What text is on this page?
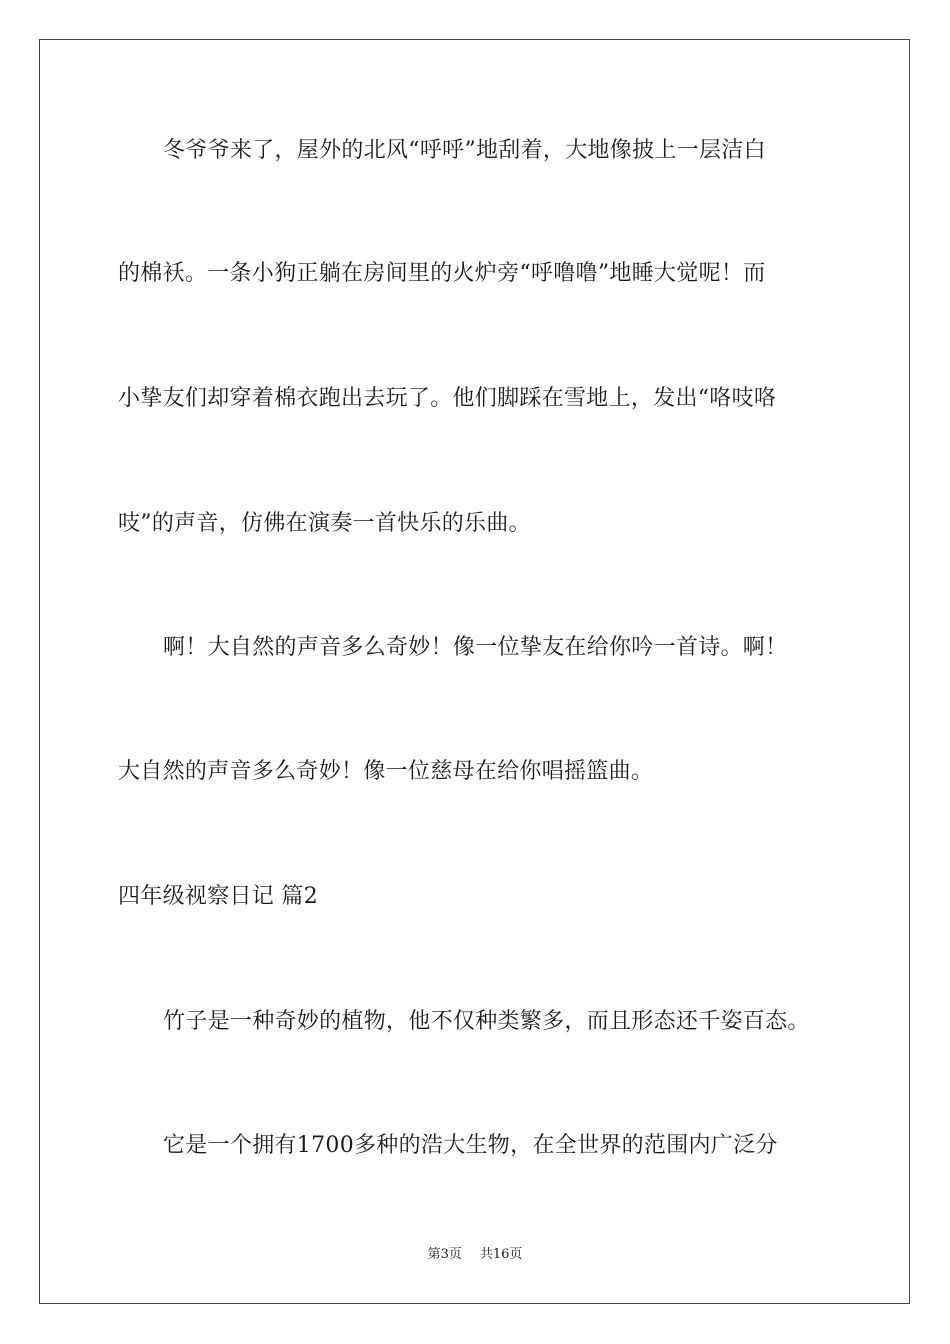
冬爷爷来了，屋外的北风“呼呼”地刮着，大地像披上一层洁白
的棉袄。一条小狗正躺在房间里的火炉旁“呼噜噜”地睡大觉呢！而
小挚友们却穿着棉衣跑出去玩了。他们脚踩在雪地上，发出“咯吱咯
吱”的声音，仿佛在演奏一首快乐的乐曲。
啊！大自然的声音多么奇妙！像一位挚友在给你吟一首诗。啊！
大自然的声音多么奇妙！像一位慈母在给你唱摇篮曲。
四年级视察日记 篇2
竹子是一种奇妙的植物，他不仅种类繁多，而且形态还千姿百态。
它是一个拥有1700多种的浩大生物，在全世界的范围内广泛分
第3页 共16页
